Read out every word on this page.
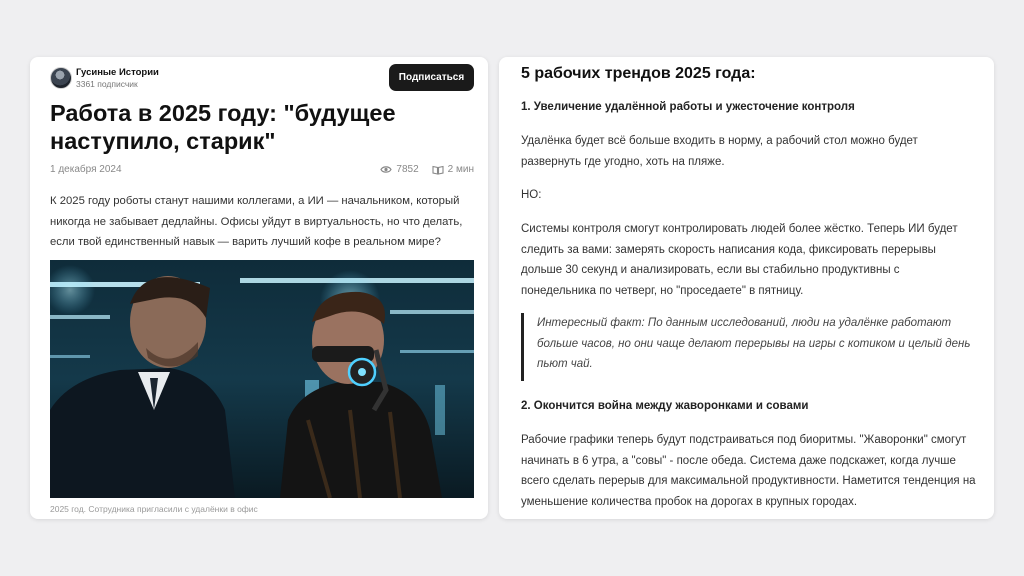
Гусиные Истории
3361 подписчик
Подписаться
Работа в 2025 году: "будущее наступило, старик"
1 декабря 2024	7852	2 мин

К 2025 году роботы станут нашими коллегами, а ИИ — начальником, который никогда не забывает дедлайны. Офисы уйдут в виртуальность, но что делать, если твой единственный навык — варить лучший кофе в реальном мире?

2025 год. Сотрудника пригласили с удалёнки в офис
5 рабочих трендов 2025 года:
1. Увеличение удалённой работы и ужесточение контроля

Удалёнка будет всё больше входить в норму, а рабочий стол можно будет развернуть где угодно, хоть на пляже.

НО:

Системы контроля смогут контролировать людей более жёстко. Теперь ИИ будет следить за вами: замерять скорость написания кода, фиксировать перерывы дольше 30 секунд и анализировать, если вы стабильно продуктивны с понедельника по четверг, но "проседаете" в пятницу.

Интересный факт: По данным исследований, люди на удалёнке работают больше часов, но они чаще делают перерывы на игры с котиком и целый день пьют чай.
2. Окончится война между жаворонками и совами

Рабочие графики теперь будут подстраиваться под биоритмы. "Жаворонки" смогут начинать в 6 утра, а "совы" - после обеда. Система даже подскажет, когда лучше всего сделать перерыв для максимальной продуктивности. Наметится тенденция на уменьшение количества пробок на дорогах в крупных городах.
